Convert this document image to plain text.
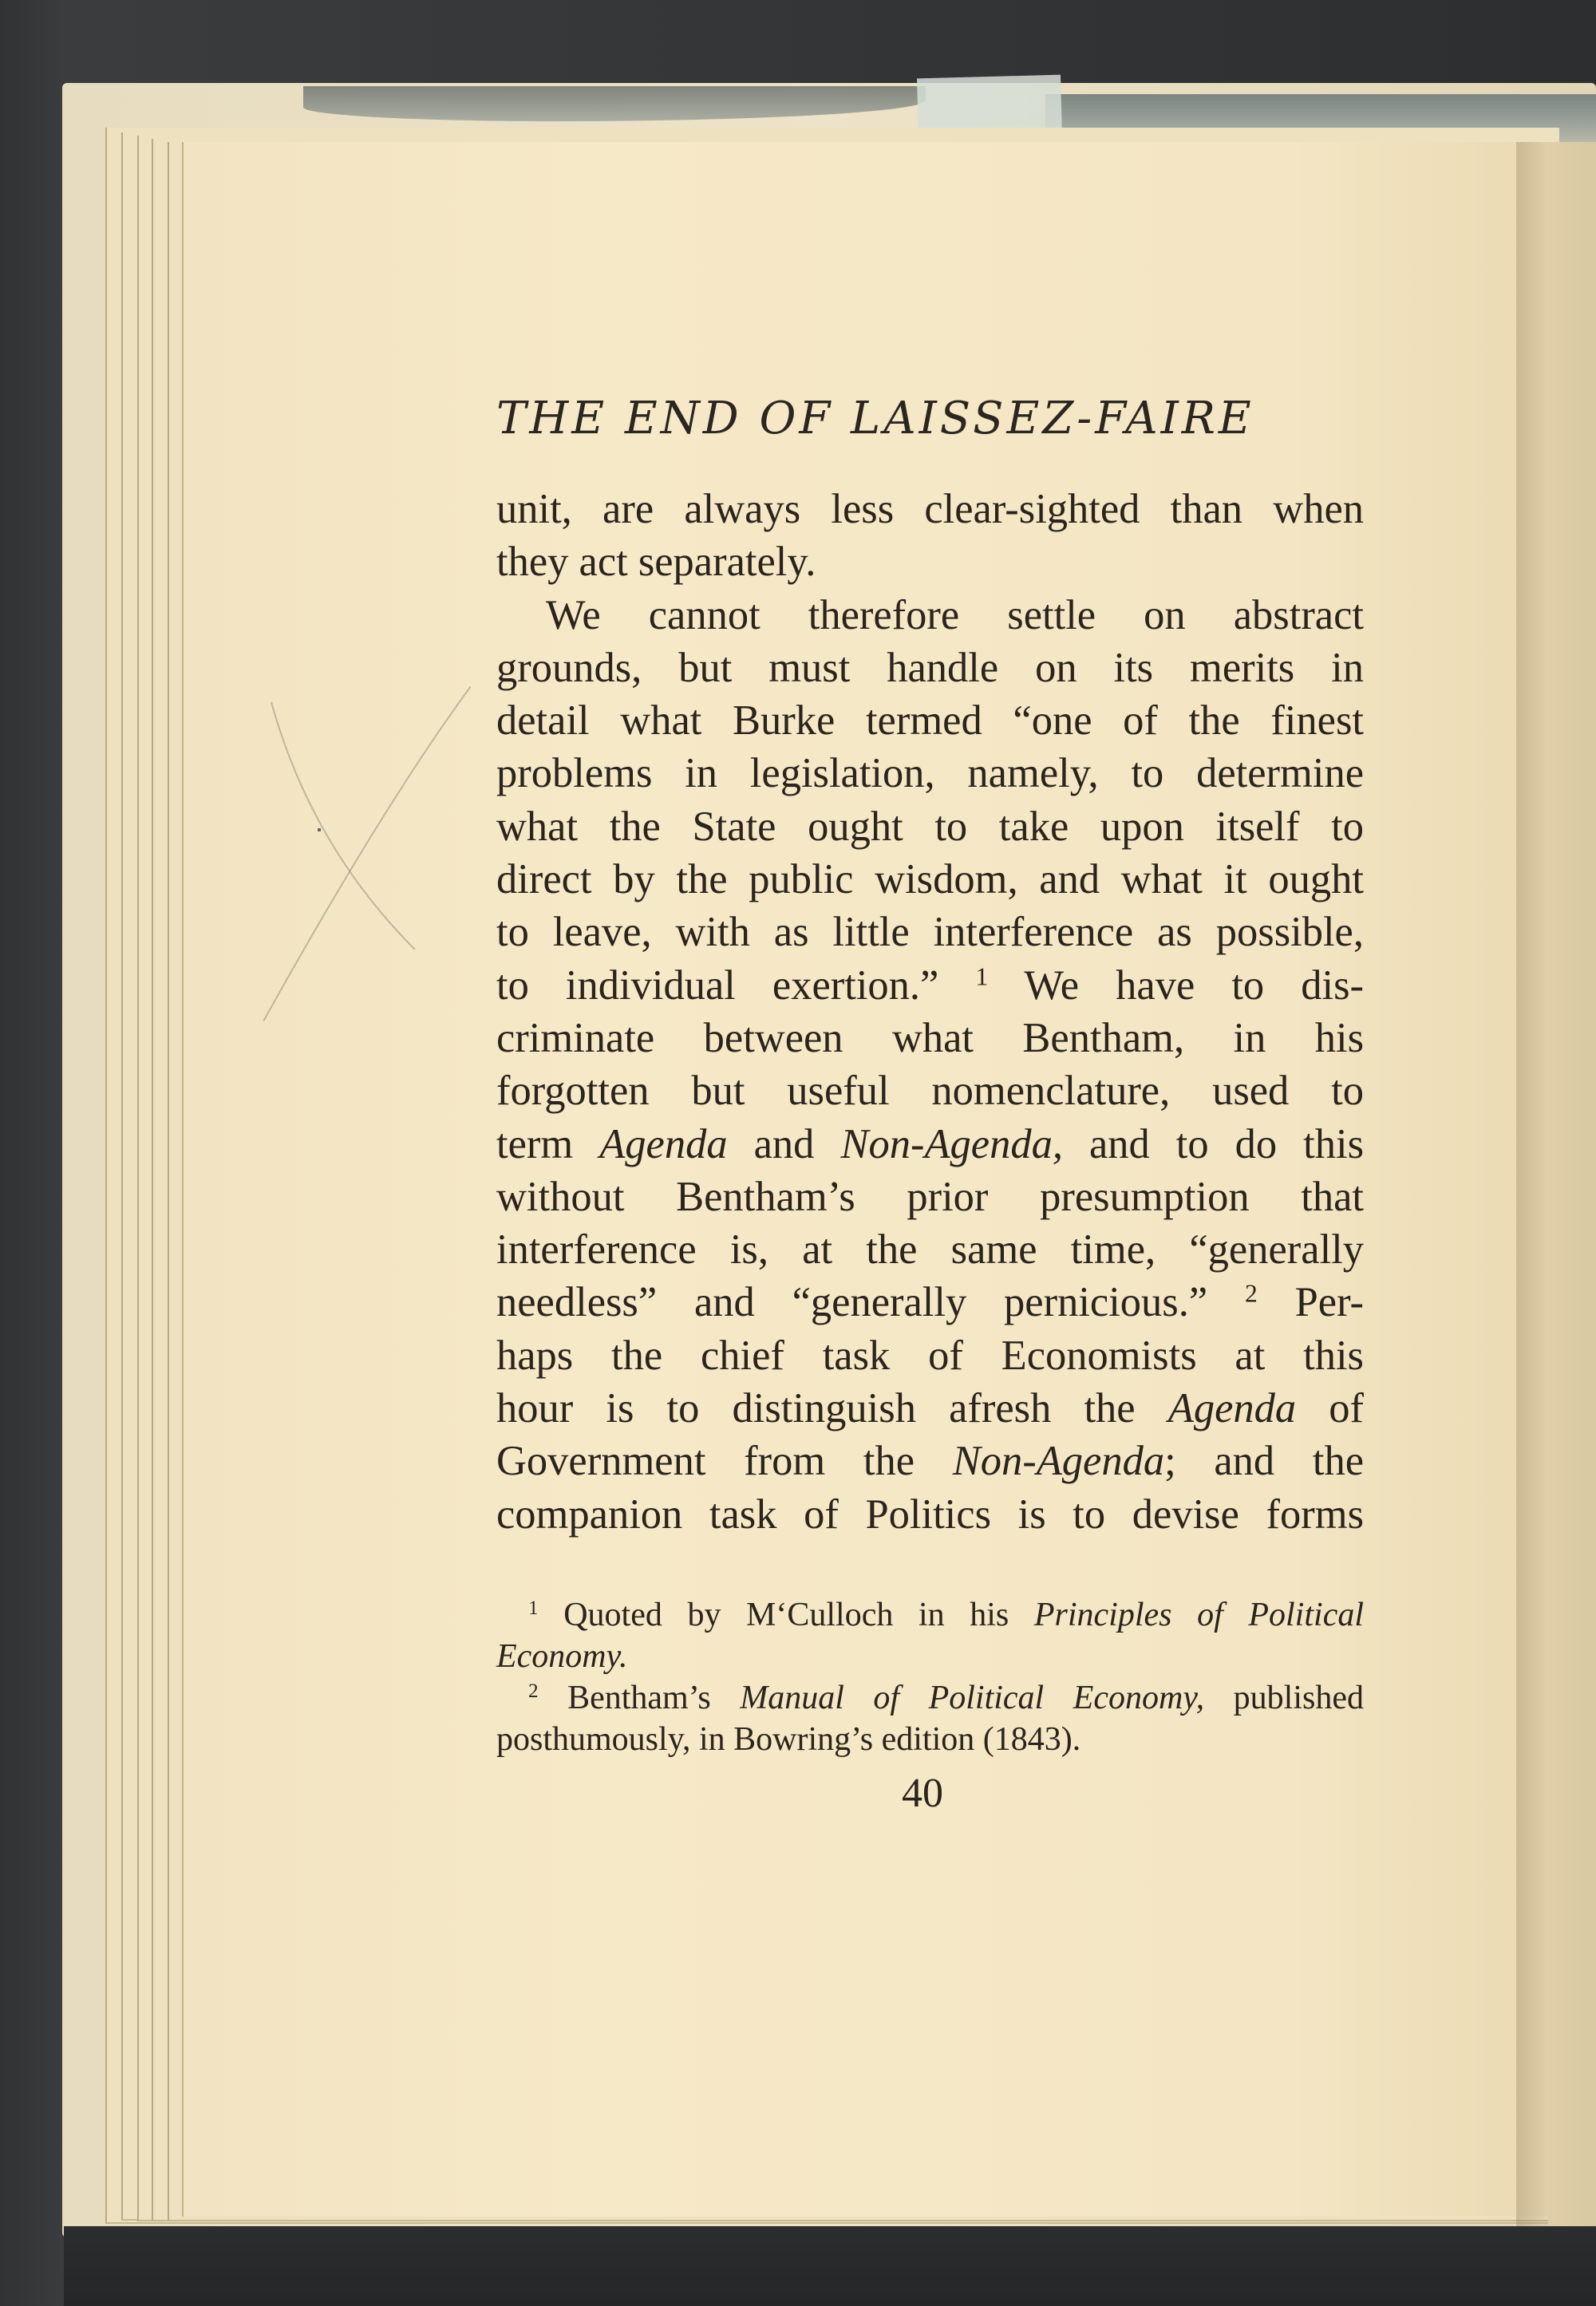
THE END OF LAISSEZ-FAIRE
unit, are always less clear-sighted than when
they act separately.
We cannot therefore settle on abstract
grounds, but must handle on its merits in
detail what Burke termed “one of the finest
problems in legislation, namely, to determine
what the State ought to take upon itself to
direct by the public wisdom, and what it ought
to leave, with as little interference as possible,
to individual exertion.” $^1$ We have to dis-
criminate between what Bentham, in his
forgotten but useful nomenclature, used to
term Agenda and Non-Agenda, and to do this
without Bentham’s prior presumption that
interference is, at the same time, “generally
needless” and “generally pernicious.” $^2$ Per-
haps the chief task of Economists at this
hour is to distinguish afresh the Agenda of
Government from the Non-Agenda; and the
companion task of Politics is to devise forms
$^1$ Quoted by M‘Culloch in his Principles of Political
Economy.
$^2$ Bentham’s Manual of Political Economy, published
posthumously, in Bowring’s edition (1843).
40
